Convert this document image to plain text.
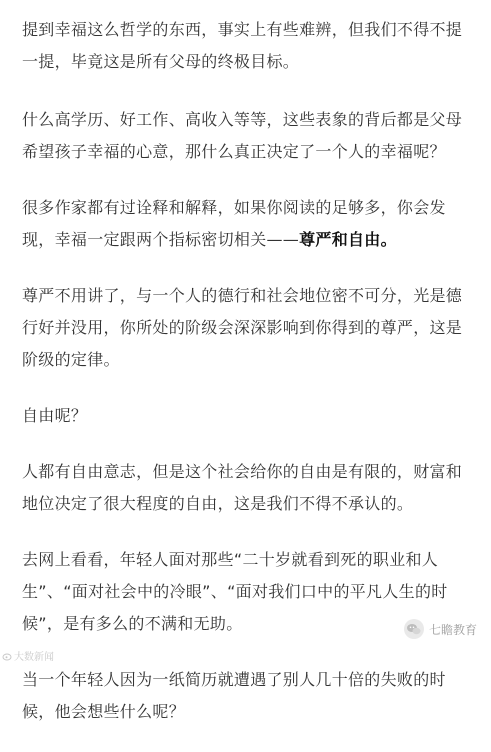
提到幸福这么哲学的东西，事实上有些难辨，但我们不得不提一提，毕竟这是所有父母的终极目标。

什么高学历、好工作、高收入等等，这些表象的背后都是父母希望孩子幸福的心意，那什么真正决定了一个人的幸福呢？

很多作家都有过诠释和解释，如果你阅读的足够多，你会发现，幸福一定跟两个指标密切相关——尊严和自由。

尊严不用讲了，与一个人的德行和社会地位密不可分，光是德行好并没用，你所处的阶级会深深影响到你得到的尊严，这是阶级的定律。

自由呢？

人都有自由意志，但是这个社会给你的自由是有限的，财富和地位决定了很大程度的自由，这是我们不得不承认的。

去网上看看，年轻人面对那些“二十岁就看到死的职业和人生”、“面对社会中的冷眼”、“面对我们口中的平凡人生的时候”，是有多么的不满和无助。

当一个年轻人因为一纸简历就遭遇了别人几十倍的失败的时候，他会想些什么呢？

大数新闻
七瞻教育
